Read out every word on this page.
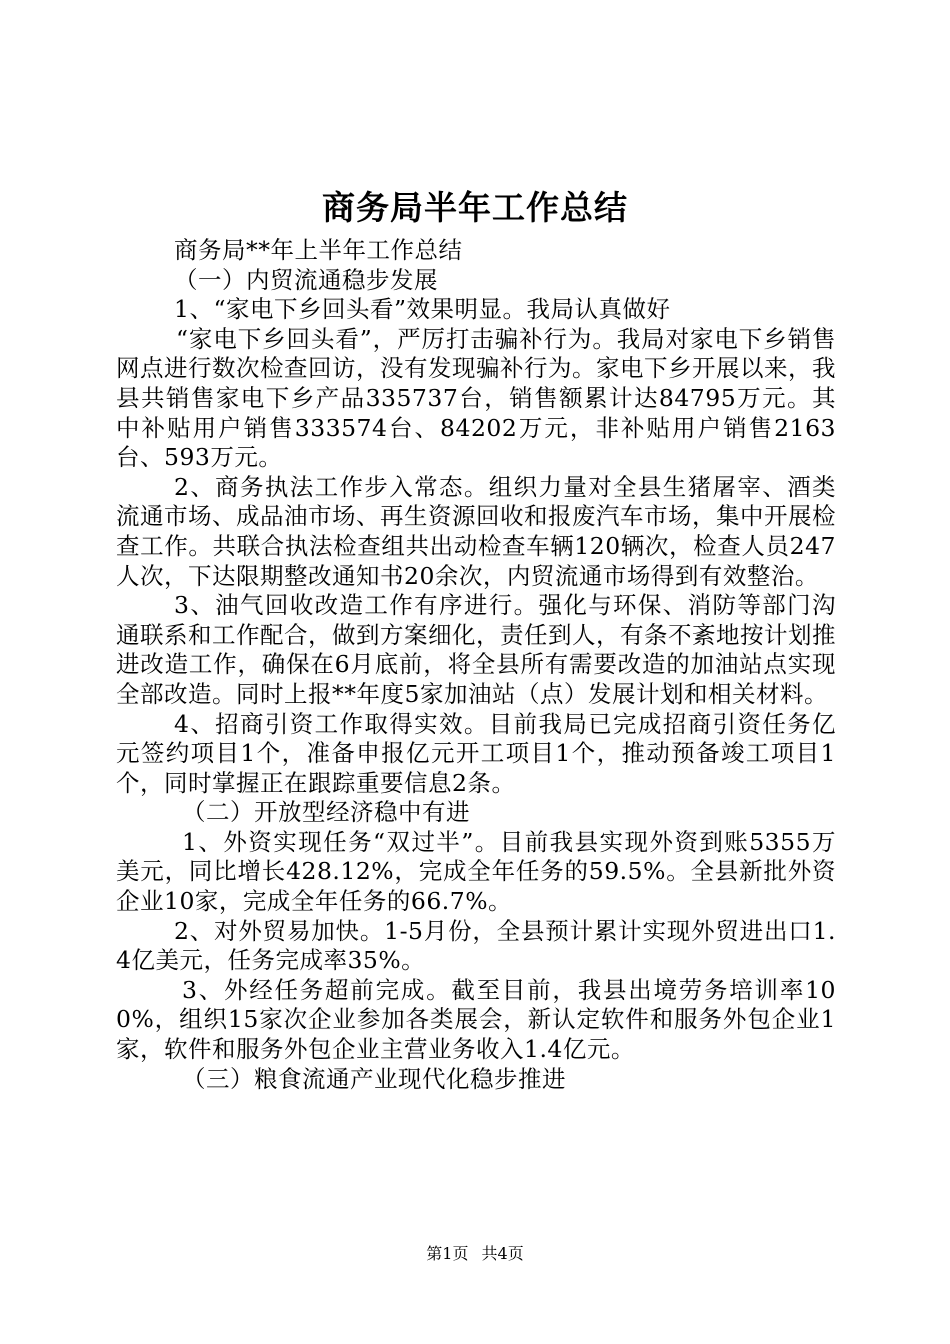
商务局半年工作总结

商务局**年上半年工作总结

（一）内贸流通稳步发展

1、“家电下乡回头看”效果明显。我局认真做好

“家电下乡回头看”，严厉打击骗补行为。我局对家电下乡销售网点进行数次检查回访，没有发现骗补行为。家电下乡开展以来，我县共销售家电下乡产品335737台，销售额累计达84795万元。其中补贴用户销售333574台、84202万元，非补贴用户销售2163台、593万元。

2、商务执法工作步入常态。组织力量对全县生猪屠宰、酒类流通市场、成品油市场、再生资源回收和报废汽车市场，集中开展检查工作。共联合执法检查组共出动检查车辆120辆次，检查人员247人次，下达限期整改通知书20余次，内贸流通市场得到有效整治。

3、油气回收改造工作有序进行。强化与环保、消防等部门沟通联系和工作配合，做到方案细化，责任到人，有条不紊地按计划推进改造工作，确保在6月底前，将全县所有需要改造的加油站点实现全部改造。同时上报**年度5家加油站（点）发展计划和相关材料。

4、招商引资工作取得实效。目前我局已完成招商引资任务亿元签约项目1个，准备申报亿元开工项目1个，推动预备竣工项目1个，同时掌握正在跟踪重要信息2条。

（二）开放型经济稳中有进

1、外资实现任务“双过半”。目前我县实现外资到账5355万美元，同比增长428.12%，完成全年任务的59.5%。全县新批外资企业10家，完成全年任务的66.7%。

2、对外贸易加快。1-5月份，全县预计累计实现外贸进出口1.4亿美元，任务完成率35%。

3、外经任务超前完成。截至目前，我县出境劳务培训率100%，组织15家次企业参加各类展会，新认定软件和服务外包企业1家，软件和服务外包企业主营业务收入1.4亿元。

（三）粮食流通产业现代化稳步推进

第1页 共4页
